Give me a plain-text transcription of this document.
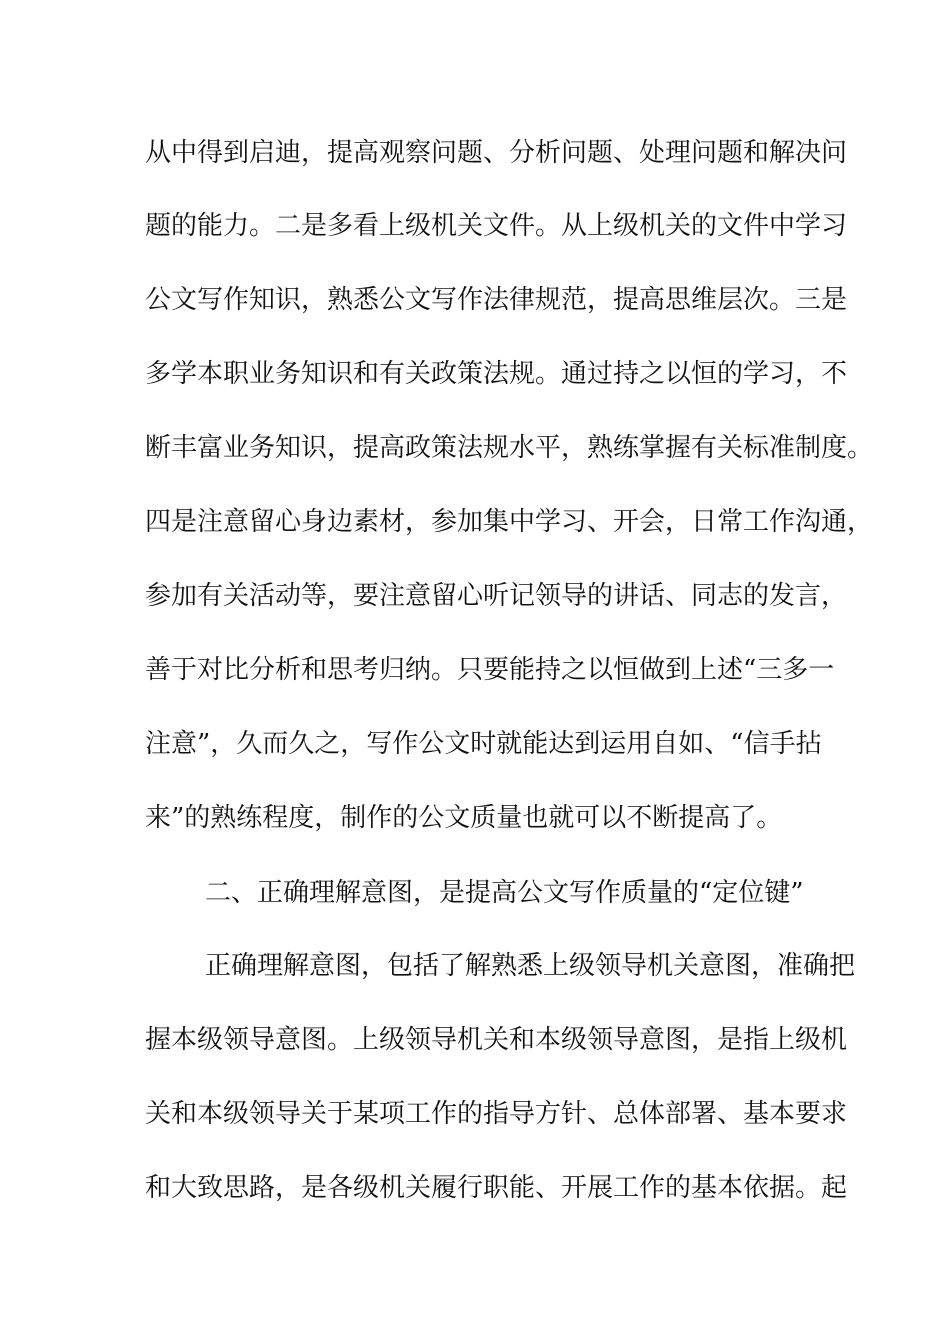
从中得到启迪，提高观察问题、分析问题、处理问题和解决问
题的能力。二是多看上级机关文件。从上级机关的文件中学习
公文写作知识，熟悉公文写作法律规范，提高思维层次。三是
多学本职业务知识和有关政策法规。通过持之以恒的学习，不
断丰富业务知识，提高政策法规水平，熟练掌握有关标准制度。
四是注意留心身边素材，参加集中学习、开会，日常工作沟通，
参加有关活动等，要注意留心听记领导的讲话、同志的发言，
善于对比分析和思考归纳。只要能持之以恒做到上述“三多一
注意”，久而久之，写作公文时就能达到运用自如、“信手拈
来”的熟练程度，制作的公文质量也就可以不断提高了。
二、正确理解意图，是提高公文写作质量的“定位键”
正确理解意图，包括了解熟悉上级领导机关意图，准确把
握本级领导意图。上级领导机关和本级领导意图，是指上级机
关和本级领导关于某项工作的指导方针、总体部署、基本要求
和大致思路，是各级机关履行职能、开展工作的基本依据。起
